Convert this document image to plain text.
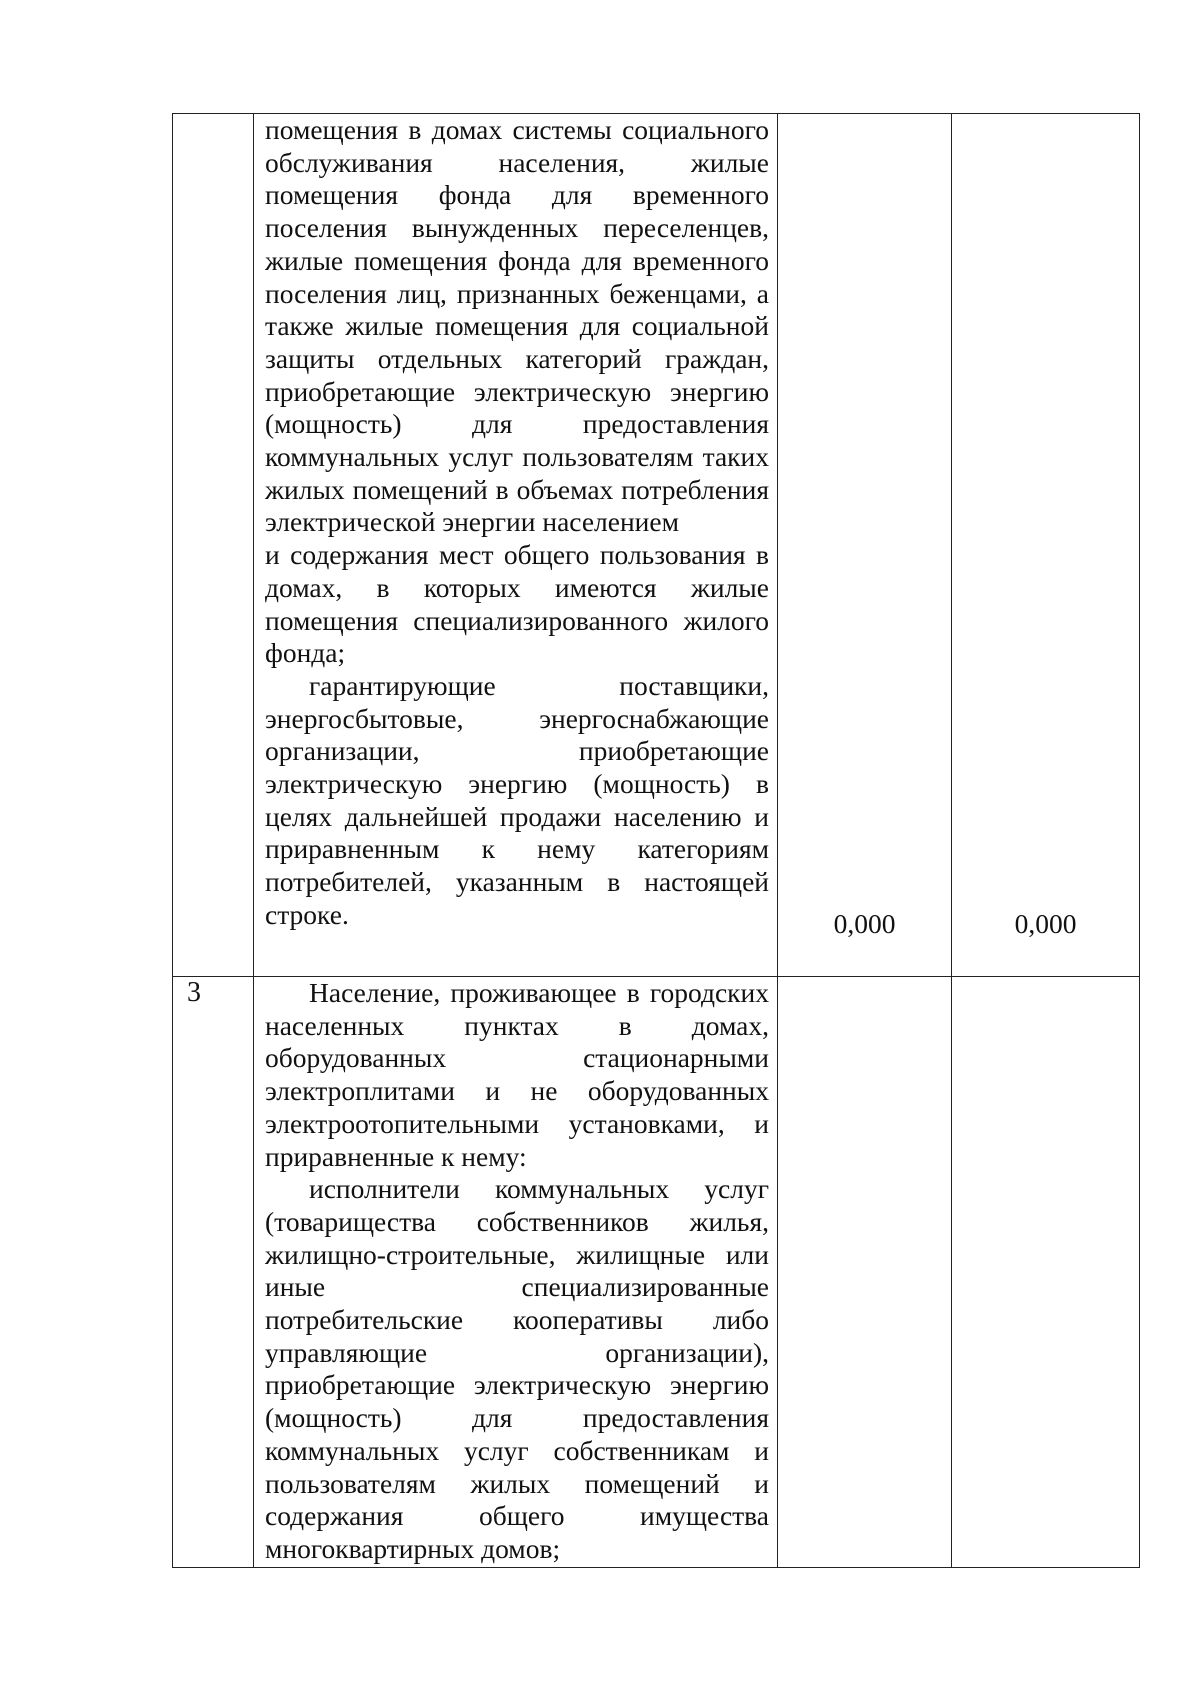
	помещения в домах системы социального обслуживания населения, жилые помещения фонда для временного поселения вынужденных переселенцев, жилые помещения фонда для временного поселения лиц, признанных беженцами, а также жилые помещения для социальной защиты отдельных категорий граждан, приобретающие электрическую энергию (мощность) для предоставления коммунальных услуг пользователям таких жилых помещений в объемах потребления электрической энергии населением

и содержания мест общего пользования в домах, в которых имеются жилые помещения специализированного жилого фонда;

гарантирующие поставщики, энергосбытовые, энергоснабжающие организации, приобретающие электрическую энергию (мощность) в целях дальнейшей продажи населению и приравненным к нему категориям потребителей, указанным в настоящей строке.	0,000	0,000

3	Население, проживающее в городских населенных пунктах в домах, оборудованных стационарными электроплитами и не оборудованных электроотопительными установками, и приравненные к нему:

исполнители коммунальных услуг (товарищества собственников жилья, жилищно-строительные, жилищные или иные специализированные потребительские кооперативы либо управляющие организации), приобретающие электрическую энергию (мощность) для предоставления коммунальных услуг собственникам и пользователям жилых помещений и содержания общего имущества многоквартирных домов;		
